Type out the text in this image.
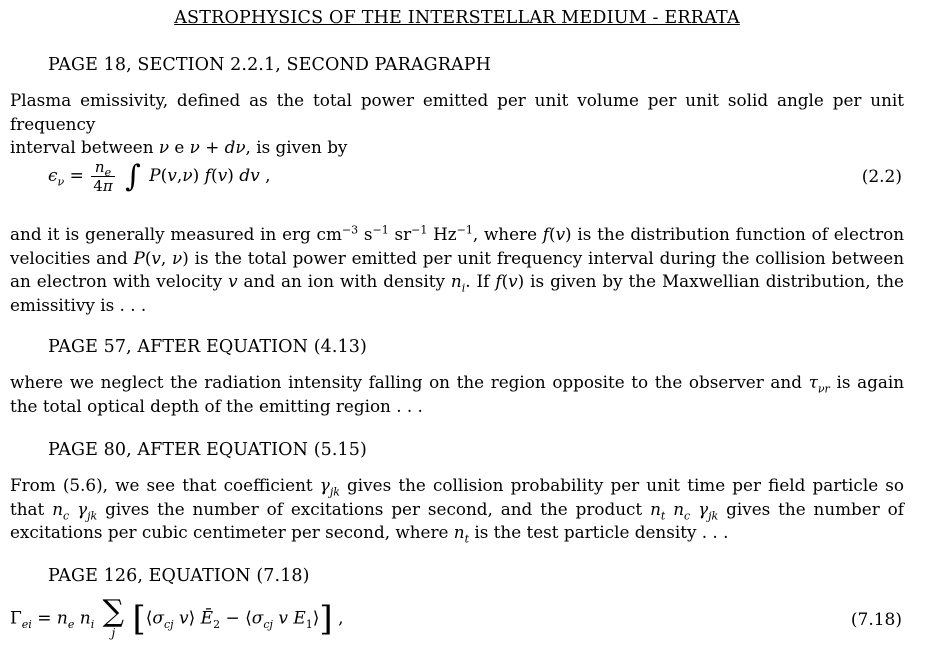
ASTROPHYSICS OF THE INTERSTELLAR MEDIUM - ERRATA
PAGE 18, SECTION 2.2.1, SECOND PARAGRAPH
Plasma emissivity, defined as the total power emitted per unit volume per unit solid angle per unit frequency
interval between ν e ν + dν, is given by
$\epsilon_\nu = \frac{n_e}{4\pi}$ ∫ P(v,ν) f(v) dv ,	(2.2)
and it is generally measured in erg $cm^{-3}$ $s^{-1}$ $sr^{-1}$ $Hz^{-1}$, where f(v) is the distribution function of electron velocities and P(v, ν) is the total power emitted per unit frequency interval during the collision between an electron with velocity v and an ion with density $n_i$. If f(v) is given by the Maxwellian distribution, the emissitivy is . . .
PAGE 57, AFTER EQUATION (4.13)
where we neglect the radiation intensity falling on the region opposite to the observer and $\tau_{\nu r}$ is again the total optical depth of the emitting region . . .
PAGE 80, AFTER EQUATION (5.15)
From (5.6), we see that coefficient $\gamma_{jk}$ gives the collision probability per unit time per field particle so that $n_c$ $\gamma_{jk}$ gives the number of excitations per second, and the product $n_t$ $n_c$ $\gamma_{jk}$ gives the number of excitations per cubic centimeter per second, where $n_t$ is the test particle density . . .
PAGE 126, EQUATION (7.18)
$\Gamma_{ei} = n_e$ $n_i$ ∑
j [$⟨\sigma_{cj}$ v⟩ $Ē_2$ − $⟨\sigma_{cj}$ v $E_1⟩$] ,	(7.18)
